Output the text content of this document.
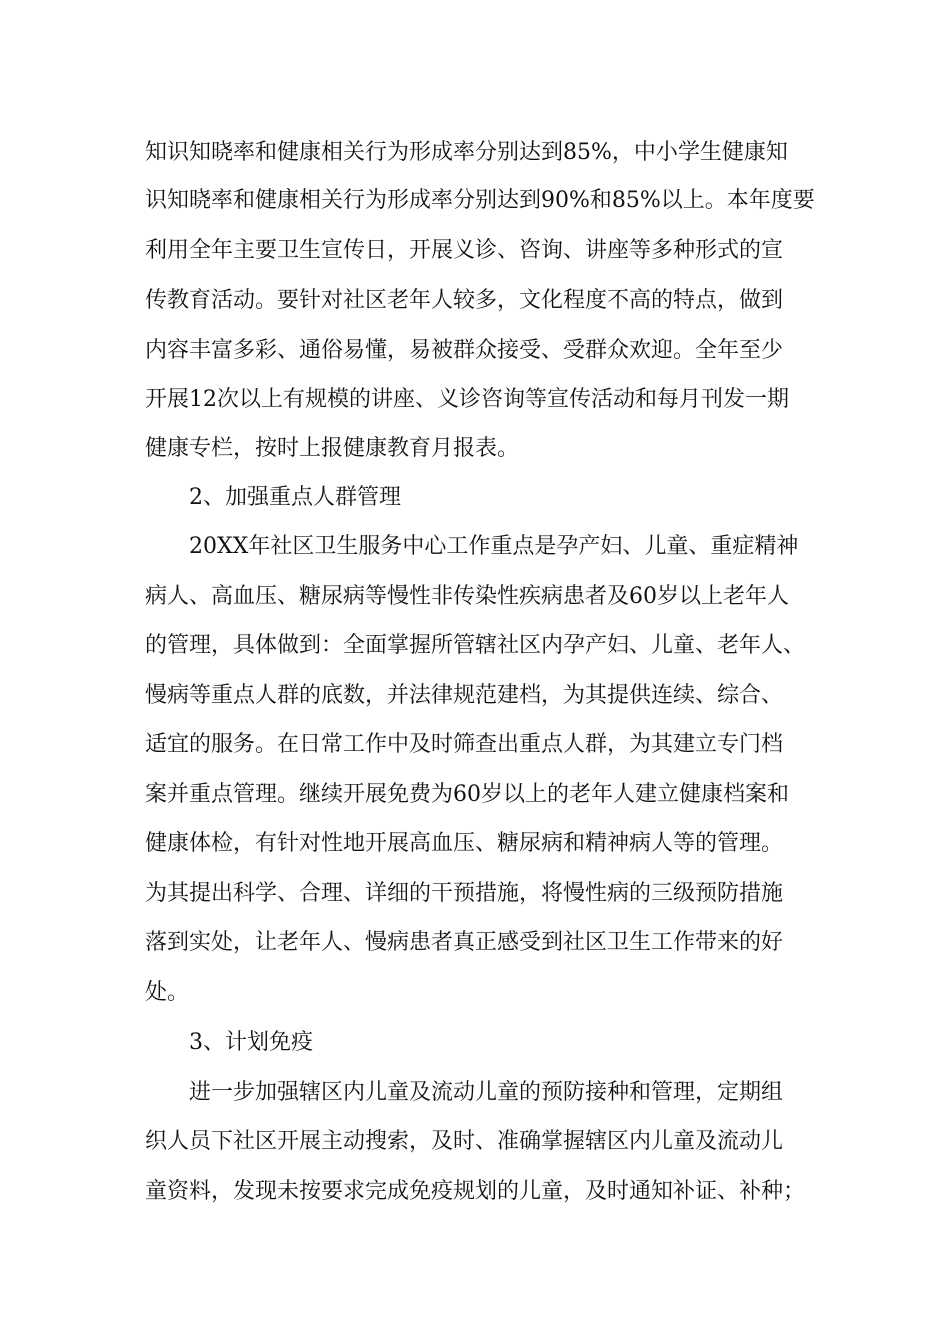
知识知晓率和健康相关行为形成率分别达到85%，中小学生健康知
识知晓率和健康相关行为形成率分别达到90%和85%以上。本年度要
利用全年主要卫生宣传日，开展义诊、咨询、讲座等多种形式的宣
传教育活动。要针对社区老年人较多，文化程度不高的特点，做到
内容丰富多彩、通俗易懂，易被群众接受、受群众欢迎。全年至少
开展12次以上有规模的讲座、义诊咨询等宣传活动和每月刊发一期
健康专栏，按时上报健康教育月报表。
2、加强重点人群管理
20XX年社区卫生服务中心工作重点是孕产妇、儿童、重症精神
病人、高血压、糖尿病等慢性非传染性疾病患者及60岁以上老年人
的管理，具体做到：全面掌握所管辖社区内孕产妇、儿童、老年人、
慢病等重点人群的底数，并法律规范建档，为其提供连续、综合、
适宜的服务。在日常工作中及时筛查出重点人群，为其建立专门档
案并重点管理。继续开展免费为60岁以上的老年人建立健康档案和
健康体检，有针对性地开展高血压、糖尿病和精神病人等的管理。
为其提出科学、合理、详细的干预措施，将慢性病的三级预防措施
落到实处，让老年人、慢病患者真正感受到社区卫生工作带来的好
处。
3、计划免疫
进一步加强辖区内儿童及流动儿童的预防接种和管理，定期组
织人员下社区开展主动搜索，及时、准确掌握辖区内儿童及流动儿
童资料，发现未按要求完成免疫规划的儿童，及时通知补证、补种；
